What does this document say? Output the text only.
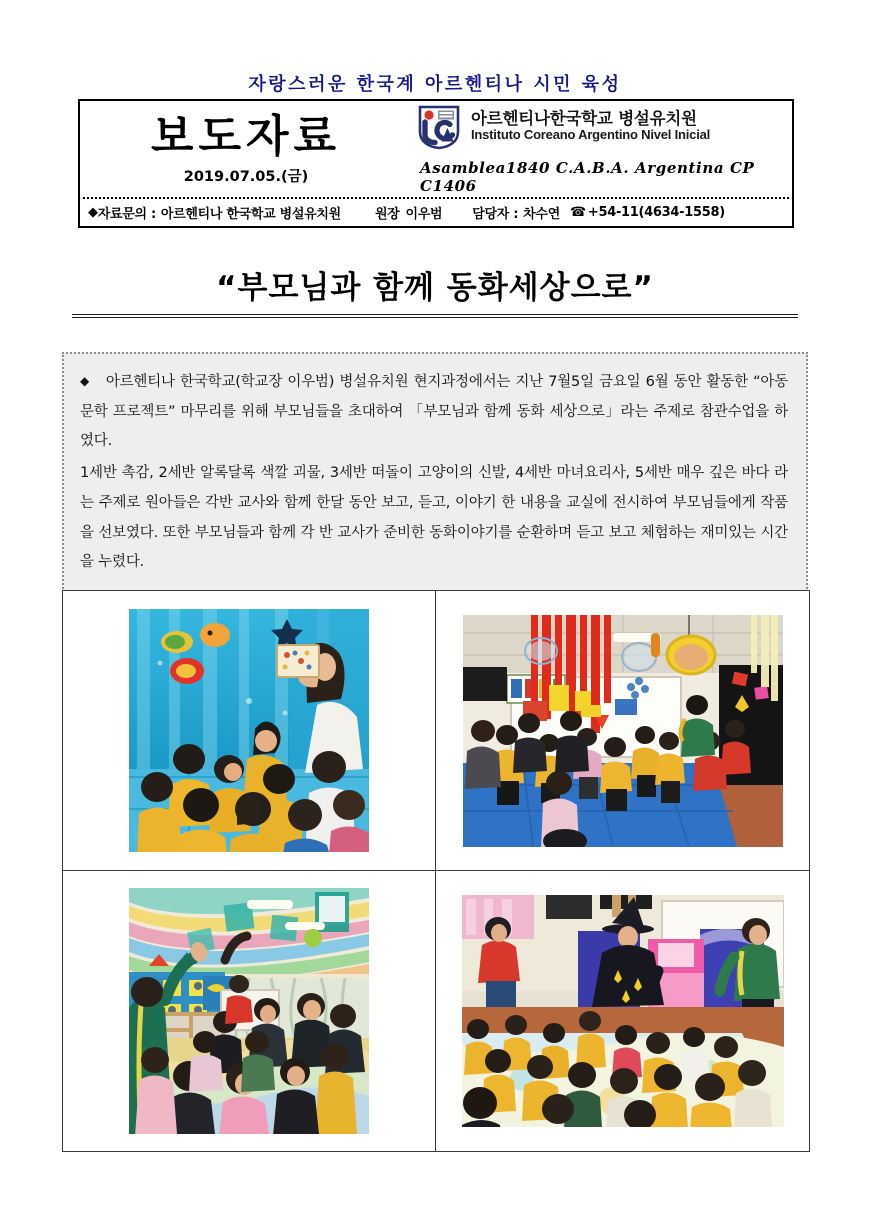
자랑스러운 한국계 아르헨티나 시민 육성
보도자료
2019.07.05.(금)
아르헨티나한국학교 병설유치원
Instituto Coreano Argentino Nivel Inicial
Asamblea1840 C.A.B.A. Argentina CP C1406
◆ 자료문의 : 아르헨티나 한국학교 병설유치원	원장 이우범 담당자 : 차수연 ☎ +54-11(4634-1558)
“부모님과 함께 동화세상으로”

◆ 아르헨티나 한국학교(학교장 이우범) 병설유치원 현지과정에서는 지난 7월5일 금요일 6월 동안 활동한 “아동문학 프로젝트” 마무리를 위해 부모님들을 초대하여 「부모님과 함께 동화 세상으로」라는 주제로 참관수업을 하였다.

1세반 촉감, 2세반 알록달록 색깔 괴물, 3세반 떠돌이 고양이의 신발, 4세반 마녀요리사, 5세반 매우 깊은 바다 라는 주제로 원아들은 각반 교사와 함께 한달 동안 보고, 듣고, 이야기 한 내용을 교실에 전시하여 부모님들에게 작품을 선보였다. 또한 부모님들과 함께 각 반 교사가 준비한 동화이야기를 순환하며 듣고 보고 체험하는 재미있는 시간을 누렸다.
